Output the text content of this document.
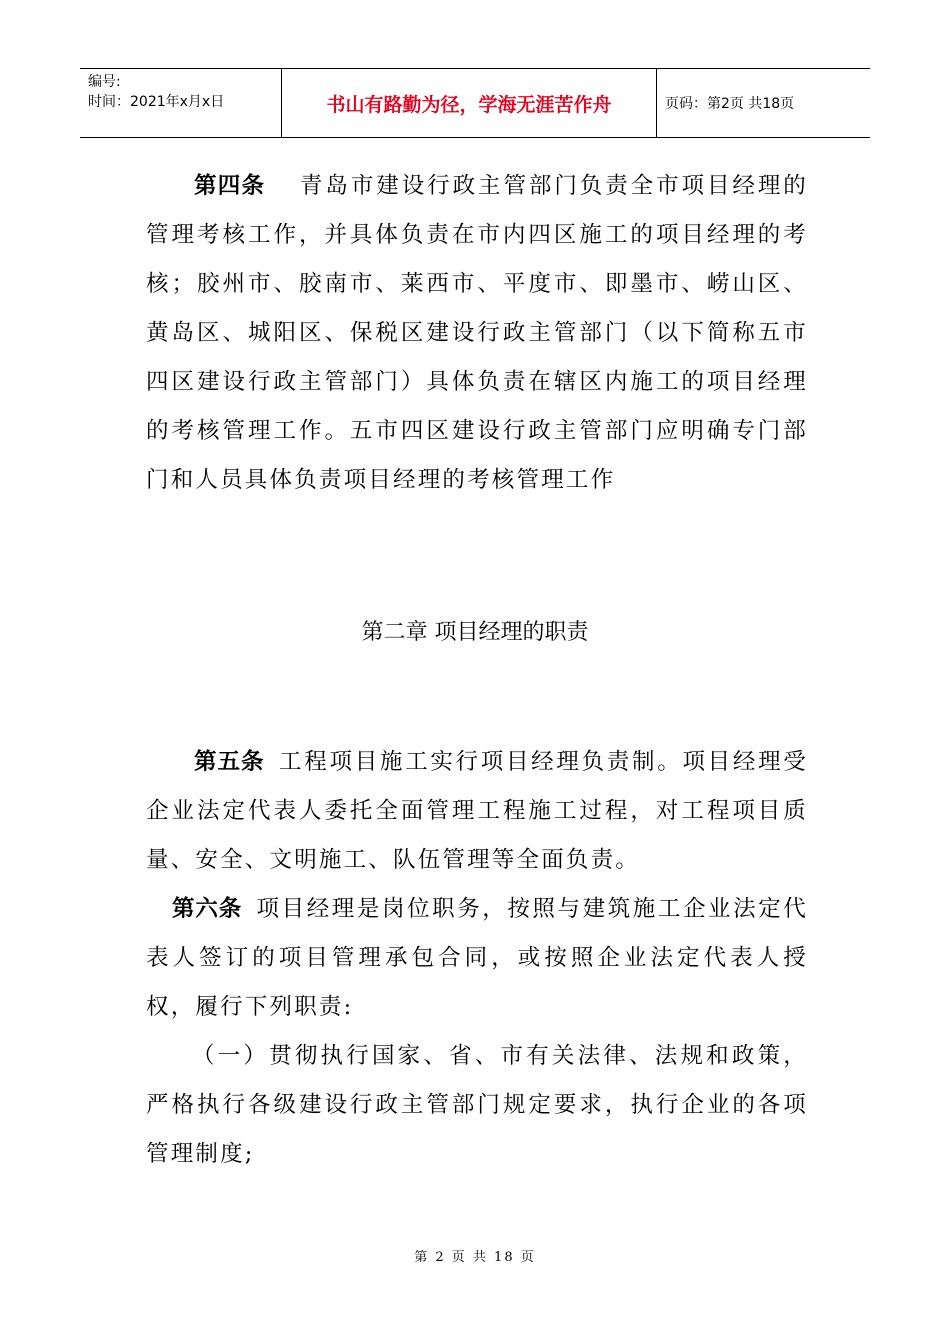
编号:
时间：2021年x月x日	书山有路勤为径，学海无涯苦作舟	页码：第2页 共18页

第四条 青岛市建设行政主管部门负责全市项目经理的管理考核工作，并具体负责在市内四区施工的项目经理的考核；胶州市、胶南市、莱西市、平度市、即墨市、崂山区、黄岛区、城阳区、保税区建设行政主管部门（以下简称五市四区建设行政主管部门）具体负责在辖区内施工的项目经理的考核管理工作。五市四区建设行政主管部门应明确专门部门和人员具体负责项目经理的考核管理工作

第二章 项目经理的职责

第五条 工程项目施工实行项目经理负责制。项目经理受企业法定代表人委托全面管理工程施工过程，对工程项目质量、安全、文明施工、队伍管理等全面负责。

第六条 项目经理是岗位职务，按照与建筑施工企业法定代表人签订的项目管理承包合同，或按照企业法定代表人授权，履行下列职责:

（一）贯彻执行国家、省、市有关法律、法规和政策，严格执行各级建设行政主管部门规定要求，执行企业的各项管理制度;

第 2 页 共 18 页
